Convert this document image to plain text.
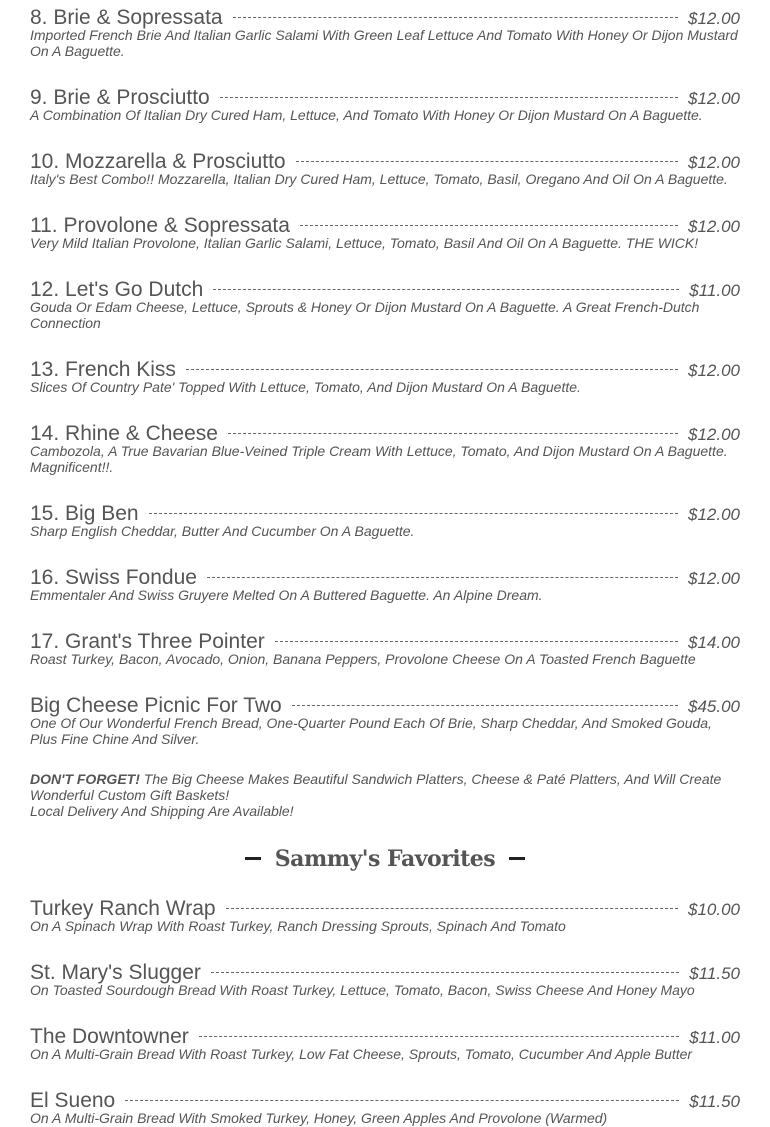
8. Brie & Sopressata	$12.00
Imported French Brie And Italian Garlic Salami With Green Leaf Lettuce And Tomato With Honey Or Dijon Mustard On A Baguette.
9. Brie & Prosciutto	$12.00
A Combination Of Italian Dry Cured Ham, Lettuce, And Tomato With Honey Or Dijon Mustard On A Baguette.
10. Mozzarella & Prosciutto	$12.00
Italy's Best Combo!! Mozzarella, Italian Dry Cured Ham, Lettuce, Tomato, Basil, Oregano And Oil On A Baguette.
11. Provolone & Sopressata	$12.00
Very Mild Italian Provolone, Italian Garlic Salami, Lettuce, Tomato, Basil And Oil On A Baguette. THE WICK!
12. Let's Go Dutch	$11.00
Gouda Or Edam Cheese, Lettuce, Sprouts & Honey Or Dijon Mustard On A Baguette. A Great French-Dutch Connection
13. French Kiss	$12.00
Slices Of Country Pate' Topped With Lettuce, Tomato, And Dijon Mustard On A Baguette.
14. Rhine & Cheese	$12.00
Cambozola, A True Bavarian Blue-Veined Triple Cream With Lettuce, Tomato, And Dijon Mustard On A Baguette. Magnificent!!.
15. Big Ben	$12.00
Sharp English Cheddar, Butter And Cucumber On A Baguette.
16. Swiss Fondue	$12.00
Emmentaler And Swiss Gruyere Melted On A Buttered Baguette. An Alpine Dream.
17. Grant's Three Pointer	$14.00
Roast Turkey, Bacon, Avocado, Onion, Banana Peppers, Provolone Cheese On A Toasted French Baguette
Big Cheese Picnic For Two	$45.00
One Of Our Wonderful French Bread, One-Quarter Pound Each Of Brie, Sharp Cheddar, And Smoked Gouda, Plus Fine Chine And Silver.
DON'T FORGET! The Big Cheese Makes Beautiful Sandwich Platters, Cheese & Paté Platters, And Will Create Wonderful Custom Gift Baskets!
Local Delivery And Shipping Are Available!
Sammy's Favorites
Turkey Ranch Wrap	$10.00
On A Spinach Wrap With Roast Turkey, Ranch Dressing Sprouts, Spinach And Tomato
St. Mary's Slugger	$11.50
On Toasted Sourdough Bread With Roast Turkey, Lettuce, Tomato, Bacon, Swiss Cheese And Honey Mayo
The Downtowner	$11.00
On A Multi-Grain Bread With Roast Turkey, Low Fat Cheese, Sprouts, Tomato, Cucumber And Apple Butter
El Sueno	$11.50
On A Multi-Grain Bread With Smoked Turkey, Honey, Green Apples And Provolone (Warmed)
